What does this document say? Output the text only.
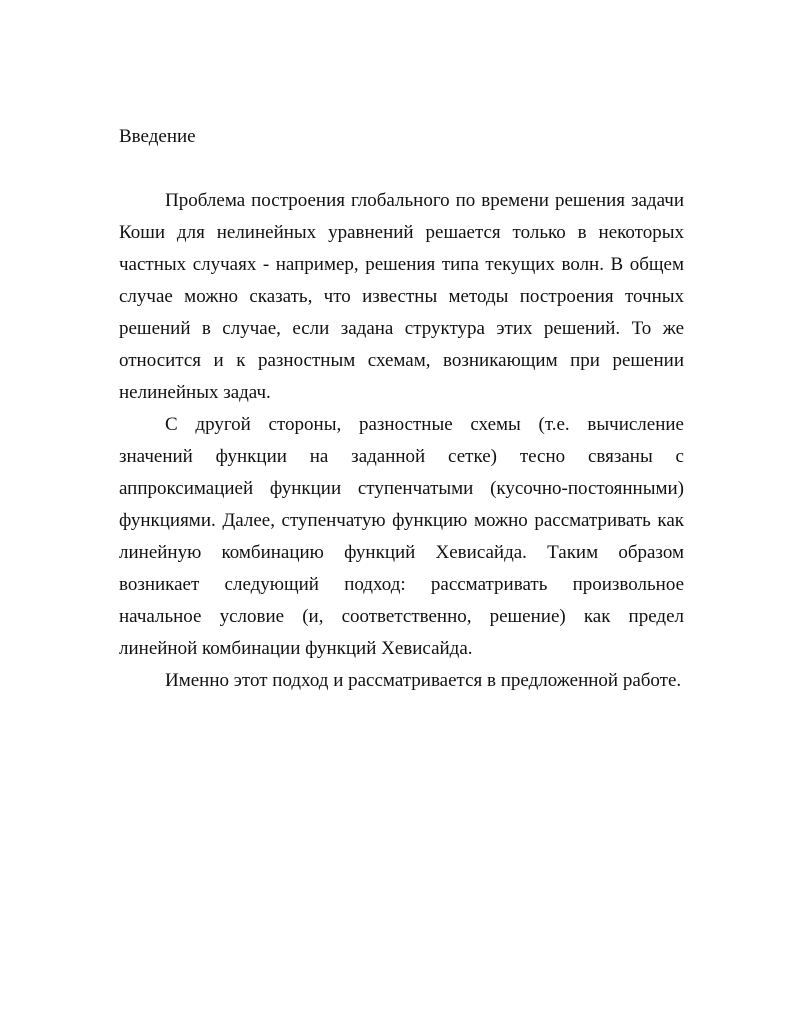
Введение

Проблема построения глобального по времени решения задачи Коши для нелинейных уравнений решается только в некоторых частных случаях - например, решения типа текущих волн. В общем случае можно сказать, что известны методы построения точных решений в случае, если задана структура этих решений. То же относится и к разностным схемам, возникающим при решении нелинейных задач.

С другой стороны, разностные схемы (т.е. вычисление значений функции на заданной сетке) тесно связаны с аппроксимацией функции ступенчатыми (кусочно-постоянными) функциями. Далее, ступенчатую функцию можно рассматривать как линейную комбинацию функций Хевисайда. Таким образом возникает следующий подход: рассматривать произвольное начальное условие (и, соответственно, решение) как предел линейной комбинации функций Хевисайда.

Именно этот подход и рассматривается в предложенной работе.
